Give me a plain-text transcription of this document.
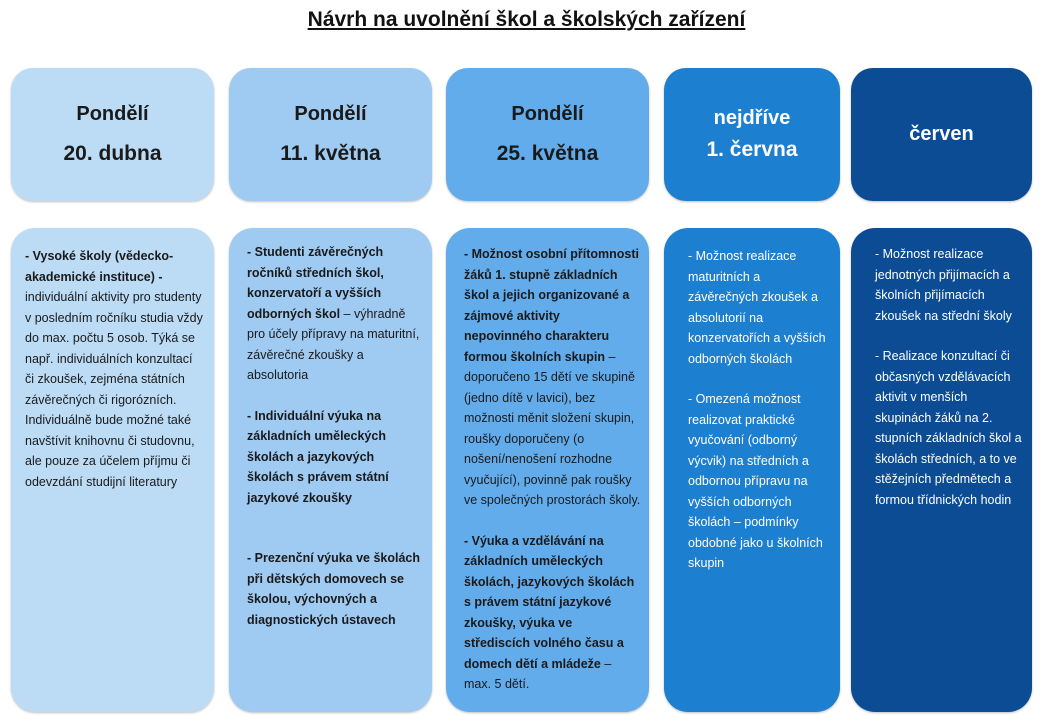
Návrh na uvolnění škol a školských zařízení
Pondělí
20. dubna

- Vysoké školy (vědecko-akademické instituce) - individuální aktivity pro studenty v posledním ročníku studia vždy do max. počtu 5 osob. Týká se např. individuálních konzultací či zkoušek, zejména státních závěrečných či rigorózních. Individuálně bude možné také navštívit knihovnu či studovnu, ale pouze za účelem příjmu či odevzdání studijní literatury

Pondělí
11. května

- Studenti závěrečných ročníků středních škol, konzervatoří a vyšších odborných škol – výhradně pro účely přípravy na maturitní, závěrečné zkoušky a absolutoria

- Individuální výuka na základních uměleckých školách a jazykových školách s právem státní jazykové zkoušky

- Prezenční výuka ve školách při dětských domovech se školou, výchovných a diagnostických ústavech

Pondělí
25. května

- Možnost osobní přítomnosti žáků 1. stupně základních škol a jejich organizované a zájmové aktivity nepovinného charakteru formou školních skupin – doporučeno 15 dětí ve skupině (jedno dítě v lavici), bez možnosti měnit složení skupin, roušky doporučeny (o nošení/nenošení rozhodne vyučující), povinně pak roušky ve společných prostorách školy.

- Výuka a vzdělávání na základních uměleckých školách, jazykových školách s právem státní jazykové zkoušky, výuka ve střediscích volného času a domech dětí a mládeže – max. 5 dětí.

nejdříve
1. června

- Možnost realizace maturitních a závěrečných zkoušek a absolutorií na konzervatořích a vyšších odborných školách

- Omezená možnost realizovat praktické vyučování (odborný výcvik) na středních a odbornou přípravu na vyšších odborných školách – podmínky obdobné jako u školních skupin

červen

- Možnost realizace jednotných přijímacích a školních přijímacích zkoušek na střední školy

- Realizace konzultací či občasných vzdělávacích aktivit v menších skupinách žáků na 2. stupních základních škol a školách středních, a to ve stěžejních předmětech a formou třídnických hodin
